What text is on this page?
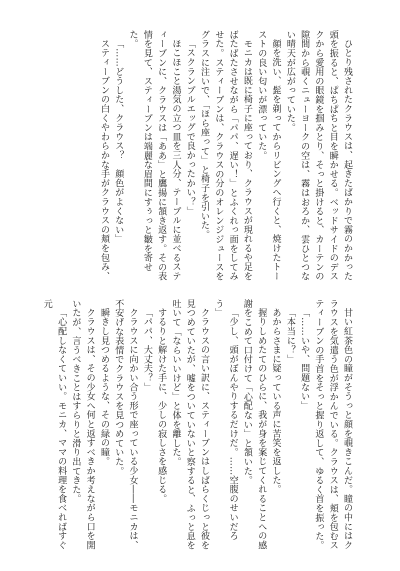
ひとり残されたクラウスは、起きたばかりで霧のかかった頭を振ると、ぱちぱちと目を瞬かせる。ベッドサイドのデスクから愛用の眼鏡を掴みとり、そっと掛けると、カーテンの隙間から覗くニューヨークの空は、霧はおろか、雲ひとつない晴天が広がっていた。
顔を洗い、髭を剃ってからリビングへ行くと、焼けたトーストの良い匂いが漂っていた。
モニカは既に椅子に座っており、クラウスが現れるや足をばたばたさせながら「パパ、遅い！」とふくれっ面をしてみせた。スティーブンは、クラウスの分のオレンジジュースをグラスに注いで、「ほら座って」と椅子を引いた。
「スクランブルエッグで良かったかい？」
ほこほこと湯気の立つ皿を三人分、テーブルに並べるスティーブンに、クラウスは「ああ」と鷹揚に頷き返す。その表情を見て、スティーブンは端麗な眉間にすぅっと皺を寄せた。
「……どうした、クラウス？　顔色がよくない」
スティーブンの白くやわらかな手がクラウスの頬を包み、
甘い紅茶色の瞳がそうっと顔を覗きこんだ。瞳の中にはクラウスを気遣う色が浮かんでいる。クラウスは、頬を包むスティーブンの手首をそっと握り返して、ゆるく首を振った。
「……いや、問題ない」
「本当に？」
あからさまに疑っている声に苦笑を返した。
握りしめたてのひらに、我が身を案じてくれることへの感謝をこめて口付けて「心配ない」と頷いた。
「少し、頭がぼんやりするだけだ。……空腹のせいだろう」
クラウスの言い訳に、スティーブンはしばらくじっと彼を見つめていたが、嘘をついていないと察すると、ふっと息を吐いて「ならいいけど」と体を離した。
するりと解けた手に、少しの寂しさを感じる。
「パパ、大丈夫？」
クラウスに向かい合う形で座っている少女――モニカは、不安げな表情でクラウスを見つめていた。
瞬きし見つめるような、その緑の瞳。
クラウスは、その少女へ何と返すべきか考えながら口を開いたが、言うべきことはすらりと滑り出てきた。
「心配しなくていい。モニカ、ママの料理を食べればすぐ元
